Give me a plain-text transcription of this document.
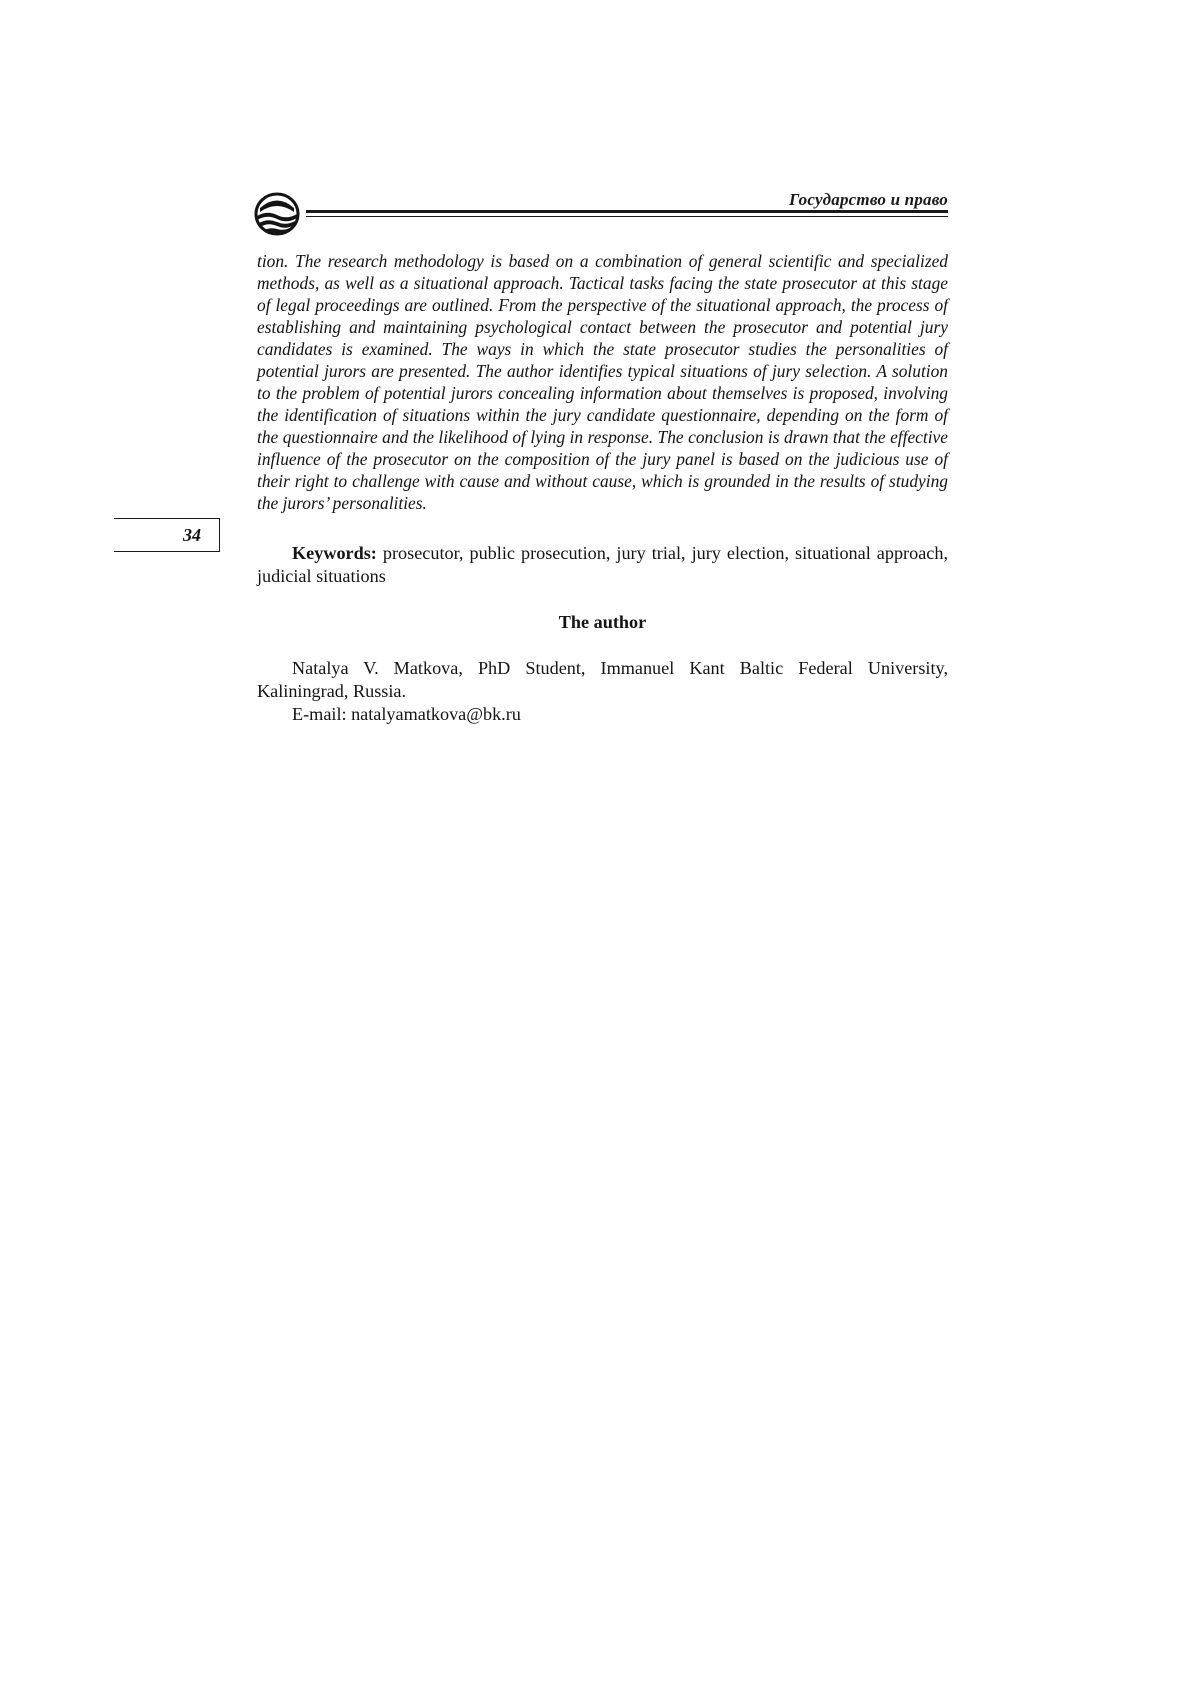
Государство и право
34

tion. The research methodology is based on a combination of general scientific and specialized methods, as well as a situational approach. Tactical tasks facing the state prosecutor at this stage of legal proceedings are outlined. From the perspective of the situational approach, the process of establishing and maintaining psychological contact between the prosecutor and potential jury candidates is examined. The ways in which the state prosecutor studies the personalities of potential jurors are presented. The author identifies typical situations of jury selection. A solution to the problem of potential jurors concealing information about themselves is proposed, involving the identification of situations within the jury candidate questionnaire, depending on the form of the questionnaire and the likelihood of lying in response. The conclusion is drawn that the effective influence of the prosecutor on the composition of the jury panel is based on the judicious use of their right to challenge with cause and without cause, which is grounded in the results of studying the jurors’ personalities.

Keywords: prosecutor, public prosecution, jury trial, jury election, situational approach, judicial situations

The author

Natalya V. Matkova, PhD Student, Immanuel Kant Baltic Federal University, Kaliningrad, Russia.

E-mail: natalyamatkova@bk.ru
